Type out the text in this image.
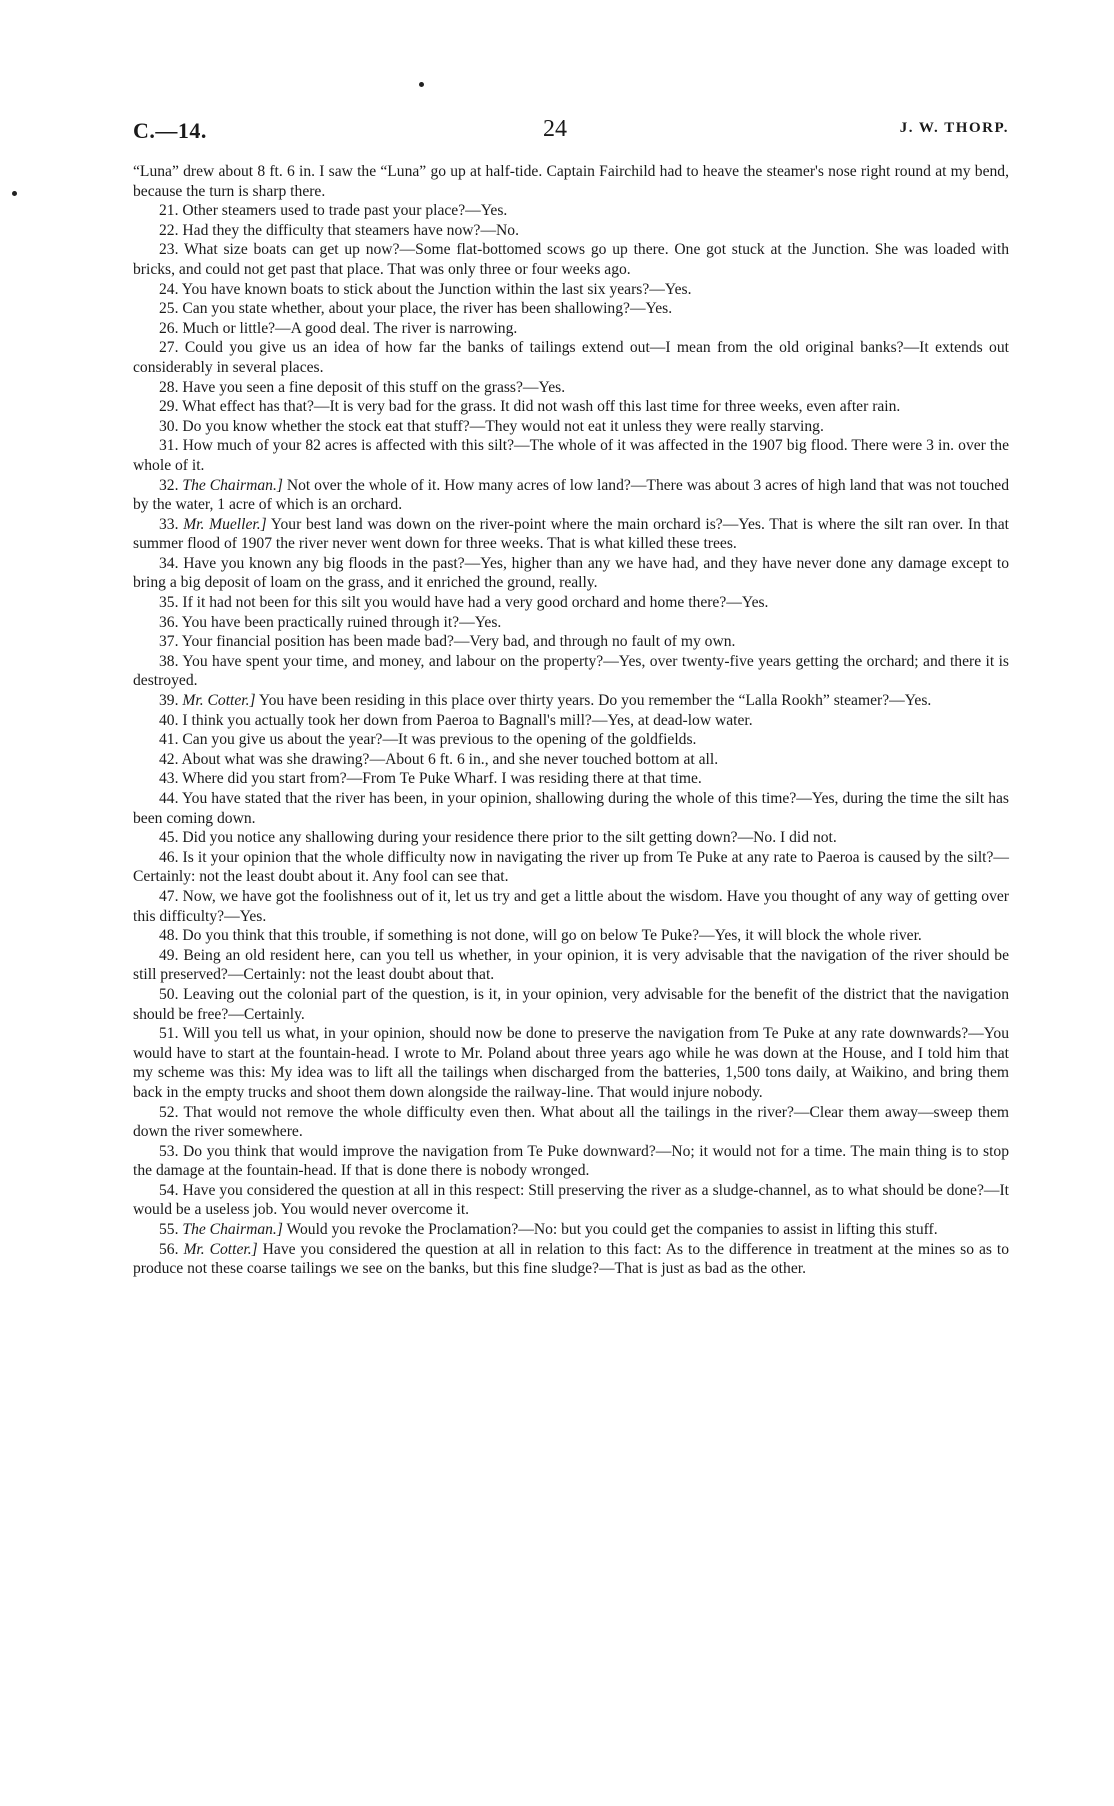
C.—14.	24	J. W. THORP.

“Luna” drew about 8 ft. 6 in. I saw the “Luna” go up at half-tide. Captain Fairchild had to heave the steamer's nose right round at my bend, because the turn is sharp there.

21. Other steamers used to trade past your place?—Yes.

22. Had they the difficulty that steamers have now?—No.

23. What size boats can get up now?—Some flat-bottomed scows go up there. One got stuck at the Junction. She was loaded with bricks, and could not get past that place. That was only three or four weeks ago.

24. You have known boats to stick about the Junction within the last six years?—Yes.

25. Can you state whether, about your place, the river has been shallowing?—Yes.

26. Much or little?—A good deal. The river is narrowing.

27. Could you give us an idea of how far the banks of tailings extend out—I mean from the old original banks?—It extends out considerably in several places.

28. Have you seen a fine deposit of this stuff on the grass?—Yes.

29. What effect has that?—It is very bad for the grass. It did not wash off this last time for three weeks, even after rain.

30. Do you know whether the stock eat that stuff?—They would not eat it unless they were really starving.

31. How much of your 82 acres is affected with this silt?—The whole of it was affected in the 1907 big flood. There were 3 in. over the whole of it.

32. The Chairman.] Not over the whole of it. How many acres of low land?—There was about 3 acres of high land that was not touched by the water, 1 acre of which is an orchard.

33. Mr. Mueller.] Your best land was down on the river-point where the main orchard is?—Yes. That is where the silt ran over. In that summer flood of 1907 the river never went down for three weeks. That is what killed these trees.

34. Have you known any big floods in the past?—Yes, higher than any we have had, and they have never done any damage except to bring a big deposit of loam on the grass, and it enriched the ground, really.

35. If it had not been for this silt you would have had a very good orchard and home there?—Yes.

36. You have been practically ruined through it?—Yes.

37. Your financial position has been made bad?—Very bad, and through no fault of my own.

38. You have spent your time, and money, and labour on the property?—Yes, over twenty-five years getting the orchard; and there it is destroyed.

39. Mr. Cotter.] You have been residing in this place over thirty years. Do you remember the “Lalla Rookh” steamer?—Yes.

40. I think you actually took her down from Paeroa to Bagnall's mill?—Yes, at dead-low water.

41. Can you give us about the year?—It was previous to the opening of the goldfields.

42. About what was she drawing?—About 6 ft. 6 in., and she never touched bottom at all.

43. Where did you start from?—From Te Puke Wharf. I was residing there at that time.

44. You have stated that the river has been, in your opinion, shallowing during the whole of this time?—Yes, during the time the silt has been coming down.

45. Did you notice any shallowing during your residence there prior to the silt getting down?—No. I did not.

46. Is it your opinion that the whole difficulty now in navigating the river up from Te Puke at any rate to Paeroa is caused by the silt?—Certainly: not the least doubt about it. Any fool can see that.

47. Now, we have got the foolishness out of it, let us try and get a little about the wisdom. Have you thought of any way of getting over this difficulty?—Yes.

48. Do you think that this trouble, if something is not done, will go on below Te Puke?—Yes, it will block the whole river.

49. Being an old resident here, can you tell us whether, in your opinion, it is very advisable that the navigation of the river should be still preserved?—Certainly: not the least doubt about that.

50. Leaving out the colonial part of the question, is it, in your opinion, very advisable for the benefit of the district that the navigation should be free?—Certainly.

51. Will you tell us what, in your opinion, should now be done to preserve the navigation from Te Puke at any rate downwards?—You would have to start at the fountain-head. I wrote to Mr. Poland about three years ago while he was down at the House, and I told him that my scheme was this: My idea was to lift all the tailings when discharged from the batteries, 1,500 tons daily, at Waikino, and bring them back in the empty trucks and shoot them down alongside the railway-line. That would injure nobody.

52. That would not remove the whole difficulty even then. What about all the tailings in the river?—Clear them away—sweep them down the river somewhere.

53. Do you think that would improve the navigation from Te Puke downward?—No; it would not for a time. The main thing is to stop the damage at the fountain-head. If that is done there is nobody wronged.

54. Have you considered the question at all in this respect: Still preserving the river as a sludge-channel, as to what should be done?—It would be a useless job. You would never overcome it.

55. The Chairman.] Would you revoke the Proclamation?—No: but you could get the companies to assist in lifting this stuff.

56. Mr. Cotter.] Have you considered the question at all in relation to this fact: As to the difference in treatment at the mines so as to produce not these coarse tailings we see on the banks, but this fine sludge?—That is just as bad as the other.
